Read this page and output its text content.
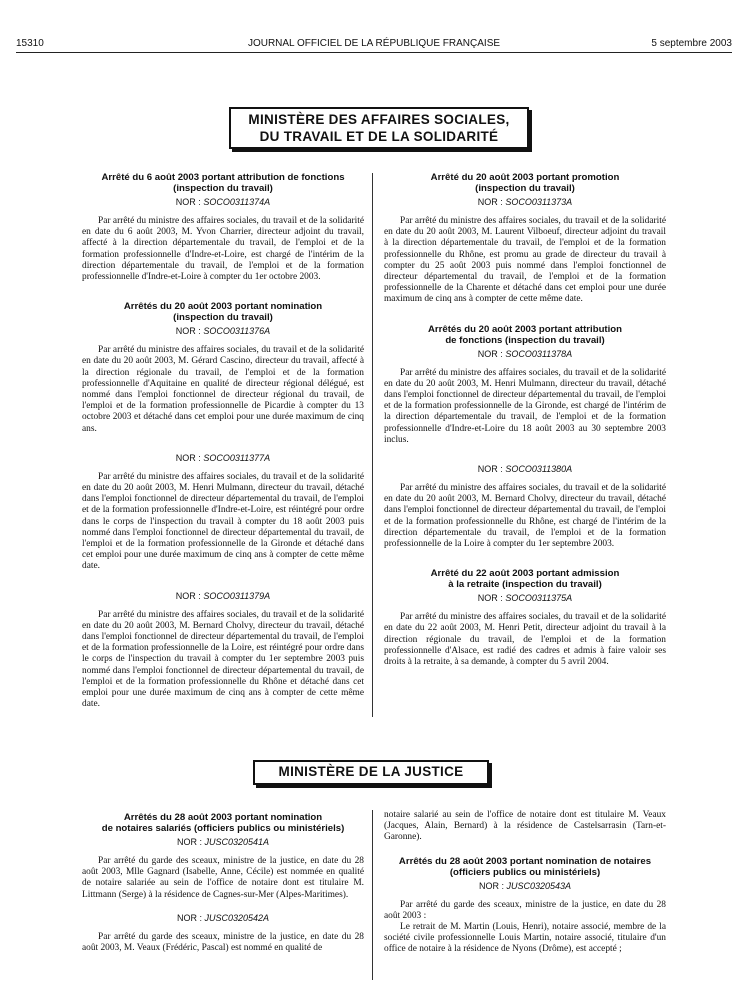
15310	JOURNAL OFFICIEL DE LA RÉPUBLIQUE FRANÇAISE	5 septembre 2003
MINISTÈRE DES AFFAIRES SOCIALES,
DU TRAVAIL ET DE LA SOLIDARITÉ
Arrêté du 6 août 2003 portant attribution de fonctions
(inspection du travail)
NOR : SOCO0311374A

Par arrêté du ministre des affaires sociales, du travail et de la solidarité en date du 6 août 2003, M. Yvon Charrier, directeur adjoint du travail, affecté à la direction départementale du travail, de l'emploi et de la formation professionnelle d'Indre-et-Loire, est chargé de l'intérim de la direction départementale du travail, de l'emploi et de la formation professionnelle d'Indre-et-Loire à compter du 1er octobre 2003.

Arrêtés du 20 août 2003 portant nomination
(inspection du travail)
NOR : SOCO0311376A

Par arrêté du ministre des affaires sociales, du travail et de la solidarité en date du 20 août 2003, M. Gérard Cascino, directeur du travail, affecté à la direction régionale du travail, de l'emploi et de la formation professionnelle d'Aquitaine en qualité de directeur régional délégué, est nommé dans l'emploi fonctionnel de directeur régional du travail, de l'emploi et de la formation professionnelle de Picardie à compter du 13 octobre 2003 et détaché dans cet emploi pour une durée maximum de cinq ans.

NOR : SOCO0311377A

Par arrêté du ministre des affaires sociales, du travail et de la solidarité en date du 20 août 2003, M. Henri Mulmann, directeur du travail, détaché dans l'emploi fonctionnel de directeur départemental du travail, de l'emploi et de la formation professionnelle d'Indre-et-Loire, est réintégré pour ordre dans le corps de l'inspection du travail à compter du 18 août 2003 puis nommé dans l'emploi fonctionnel de directeur départemental du travail, de l'emploi et de la formation professionnelle de la Gironde et détaché dans cet emploi pour une durée maximum de cinq ans à compter de cette même date.

NOR : SOCO0311379A

Par arrêté du ministre des affaires sociales, du travail et de la solidarité en date du 20 août 2003, M. Bernard Cholvy, directeur du travail, détaché dans l'emploi fonctionnel de directeur départemental du travail, de l'emploi et de la formation professionnelle de la Loire, est réintégré pour ordre dans le corps de l'inspection du travail à compter du 1er septembre 2003 puis nommé dans l'emploi fonctionnel de directeur départemental du travail, de l'emploi et de la formation professionnelle du Rhône et détaché dans cet emploi pour une durée maximum de cinq ans à compter de cette même date.

Arrêté du 20 août 2003 portant promotion
(inspection du travail)
NOR : SOCO0311373A

Par arrêté du ministre des affaires sociales, du travail et de la solidarité en date du 20 août 2003, M. Laurent Vilboeuf, directeur adjoint du travail à la direction départementale du travail, de l'emploi et de la formation professionnelle du Rhône, est promu au grade de directeur du travail à compter du 25 août 2003 puis nommé dans l'emploi fonctionnel de directeur départemental du travail, de l'emploi et de la formation professionnelle de la Charente et détaché dans cet emploi pour une durée maximum de cinq ans à compter de cette même date.

Arrêtés du 20 août 2003 portant attribution
de fonctions (inspection du travail)
NOR : SOCO0311378A

Par arrêté du ministre des affaires sociales, du travail et de la solidarité en date du 20 août 2003, M. Henri Mulmann, directeur du travail, détaché dans l'emploi fonctionnel de directeur départemental du travail, de l'emploi et de la formation professionnelle de la Gironde, est chargé de l'intérim de la direction départementale du travail, de l'emploi et de la formation professionnelle d'Indre-et-Loire du 18 août 2003 au 30 septembre 2003 inclus.

NOR : SOCO0311380A

Par arrêté du ministre des affaires sociales, du travail et de la solidarité en date du 20 août 2003, M. Bernard Cholvy, directeur du travail, détaché dans l'emploi fonctionnel de directeur départemental du travail, de l'emploi et de la formation professionnelle du Rhône, est chargé de l'intérim de la direction départementale du travail, de l'emploi et de la formation professionnelle de la Loire à compter du 1er septembre 2003.

Arrêté du 22 août 2003 portant admission
à la retraite (inspection du travail)
NOR : SOCO0311375A

Par arrêté du ministre des affaires sociales, du travail et de la solidarité en date du 22 août 2003, M. Henri Petit, directeur adjoint du travail à la direction régionale du travail, de l'emploi et de la formation professionnelle d'Alsace, est radié des cadres et admis à faire valoir ses droits à la retraite, à sa demande, à compter du 5 avril 2004.

MINISTÈRE DE LA JUSTICE
Arrêtés du 28 août 2003 portant nomination
de notaires salariés (officiers publics ou ministériels)
NOR : JUSC0320541A

Par arrêté du garde des sceaux, ministre de la justice, en date du 28 août 2003, Mlle Gagnard (Isabelle, Anne, Cécile) est nommée en qualité de notaire salariée au sein de l'office de notaire dont est titulaire M. Littmann (Serge) à la résidence de Cagnes-sur-Mer (Alpes-Maritimes).

NOR : JUSC0320542A

Par arrêté du garde des sceaux, ministre de la justice, en date du 28 août 2003, M. Veaux (Frédéric, Pascal) est nommé en qualité de

notaire salarié au sein de l'office de notaire dont est titulaire M. Veaux (Jacques, Alain, Bernard) à la résidence de Castelsarrasin (Tarn-et-Garonne).

Arrêtés du 28 août 2003 portant nomination de notaires
(officiers publics ou ministériels)
NOR : JUSC0320543A

Par arrêté du garde des sceaux, ministre de la justice, en date du 28 août 2003 :

Le retrait de M. Martin (Louis, Henri), notaire associé, membre de la société civile professionnelle Louis Martin, notaire associé, titulaire d'un office de notaire à la résidence de Nyons (Drôme), est accepté ;
